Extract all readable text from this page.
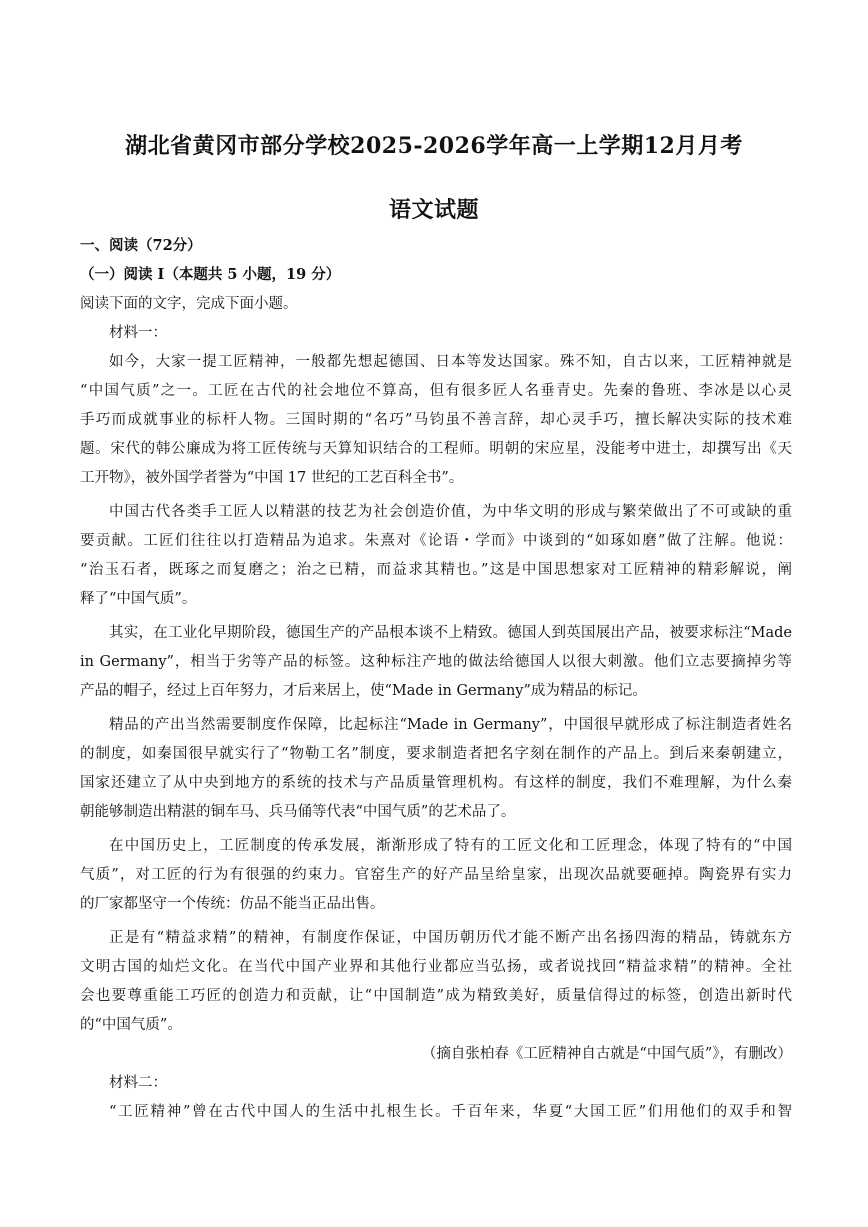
湖北省黄冈市部分学校2025-2026学年高一上学期12月月考
语文试题
一、阅读（72分）
（一）阅读 I（本题共 5 小题，19 分）
阅读下面的文字，完成下面小题。
材料一：
如今，大家一提工匠精神，一般都先想起德国、日本等发达国家。殊不知，自古以来，工匠精神就是
“中国气质”之一。工匠在古代的社会地位不算高，但有很多匠人名垂青史。先秦的鲁班、李冰是以心灵
手巧而成就事业的标杆人物。三国时期的“名巧”马钧虽不善言辞，却心灵手巧，擅长解决实际的技术难
题。宋代的韩公廉成为将工匠传统与天算知识结合的工程师。明朝的宋应星，没能考中进士，却撰写出《天
工开物》，被外国学者誉为“中国 17 世纪的工艺百科全书”。
中国古代各类手工匠人以精湛的技艺为社会创造价值，为中华文明的形成与繁荣做出了不可或缺的重
要贡献。工匠们往往以打造精品为追求。朱熹对《论语・学而》中谈到的“如琢如磨”做了注解。他说：
“治玉石者，既琢之而复磨之；治之已精，而益求其精也。”这是中国思想家对工匠精神的精彩解说，阐
释了“中国气质”。
其实，在工业化早期阶段，德国生产的产品根本谈不上精致。德国人到英国展出产品，被要求标注“Made
in Germany”，相当于劣等产品的标签。这种标注产地的做法给德国人以很大刺激。他们立志要摘掉劣等
产品的帽子，经过上百年努力，才后来居上，使“Made in Germany”成为精品的标记。
精品的产出当然需要制度作保障，比起标注“Made in Germany”，中国很早就形成了标注制造者姓名
的制度，如秦国很早就实行了“物勒工名”制度，要求制造者把名字刻在制作的产品上。到后来秦朝建立，
国家还建立了从中央到地方的系统的技术与产品质量管理机构。有这样的制度，我们不难理解，为什么秦
朝能够制造出精湛的铜车马、兵马俑等代表“中国气质”的艺术品了。
在中国历史上，工匠制度的传承发展，渐渐形成了特有的工匠文化和工匠理念，体现了特有的“中国
气质”，对工匠的行为有很强的约束力。官窑生产的好产品呈给皇家，出现次品就要砸掉。陶瓷界有实力
的厂家都坚守一个传统：仿品不能当正品出售。
正是有“精益求精”的精神，有制度作保证，中国历朝历代才能不断产出名扬四海的精品，铸就东方
文明古国的灿烂文化。在当代中国产业界和其他行业都应当弘扬，或者说找回“精益求精”的精神。全社
会也要尊重能工巧匠的创造力和贡献，让“中国制造”成为精致美好，质量信得过的标签，创造出新时代
的“中国气质”。
（摘自张柏春《工匠精神自古就是“中国气质”》，有删改）
材料二：
“工匠精神”曾在古代中国人的生活中扎根生长。千百年来，华夏“大国工匠”们用他们的双手和智
